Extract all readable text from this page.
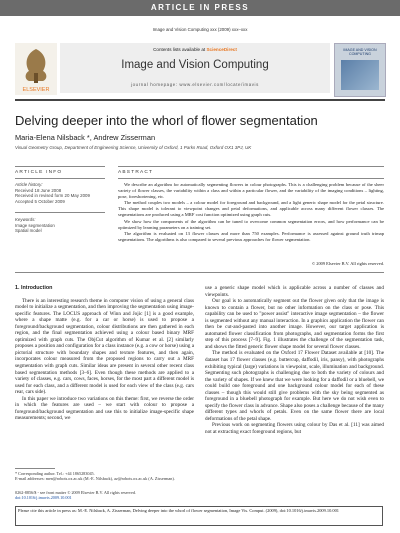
ARTICLE IN PRESS
Image and Vision Computing xxx (2009) xxx–xxx
ELSEVIER
Contents lists available at ScienceDirect
Image and Vision Computing
journal homepage: www.elsevier.com/locate/imavis
IMAGE AND VISION COMPUTING
Delving deeper into the whorl of flower segmentation
Maria-Elena Nilsback *, Andrew Zisserman
Visual Geometry Group, Department of Engineering Science, University of Oxford, 1 Parks Road, Oxford OX1 3PJ, UK
ARTICLE INFO	ABSTRACT
Article history:
Received 18 June 2008
Received in revised form 20 May 2009
Accepted 5 October 2009
Keywords:
Image segmentation
Spatial model

We describe an algorithm for automatically segmenting flowers in colour photographs. This is a challenging problem because of the sheer variety of flower classes, the variability within a class and within a particular flower, and the variability of the imaging conditions – lighting, pose, foreshortening, etc.

The method couples two models – a colour model for foreground and background, and a light generic shape model for the petal structure. This shape model is tolerant to viewpoint changes and petal deformations, and applicable across many different flower classes. The segmentations are produced using a MRF cost function optimized using graph cuts.

We show how the components of the algorithm can be tuned to overcome common segmentation errors, and how performance can be optimized by learning parameters on a training set.

The algorithm is evaluated on 13 flower classes and more than 750 examples. Performance is assessed against ground truth trimap segmentations. The algorithms is also compared to several previous approaches for flower segmentation.

© 2009 Elsevier B.V. All rights reserved.
1. Introduction

There is an interesting research theme in computer vision of using a general class model to initialize a segmentation, and then improving the segmentation using image-specific features. The LOCUS approach of Winn and Jojic [1] is a good example, where a shape matte (e.g. for a car or horse) is used to propose a foreground/background segmentation, colour distributions are then gathered in each region, and the final segmentation achieved using a colour based binary MRF optimized with graph cuts. The ObjCut algorithm of Kumar et al. [2] similarly proposes a position and configuration for a class instance (e.g. a cow or horse) using a pictorial structure with boundary shapes and texture features, and then again, incorporates colour measured from the proposed regions to carry out a MRF segmentation with graph cuts. Similar ideas are present in several other recent class based segmentation methods [3–6]. Even though these methods are applied to a variety of classes, e.g. cars, cows, faces, horses, for the most part a different model is used for each class, and a different model is used for each view of the class (e.g. cars rear, cars side).

In this paper we introduce two variations on this theme: first, we reverse the order in which the features are used – we start with colour to propose a foreground/background segmentation and use this to initialize image-specific shape measurements; second, we

use a generic shape model which is applicable across a number of classes and viewpoints.

Our goal is to automatically segment out the flower given only that the image is known to contain a flower, but no other information on the class or pose. This capability can be used to "power assist" interactive image segmentation – the flower is segmented without any manual interaction. In a graphics application the flower can then be cut-and-pasted into another image. However, our target application is automated flower classification from photographs, and segmentation forms the first step of this process [7–9]. Fig. 1 illustrates the challenge of the segmentation task, and shows the fitted generic flower shape model for several flower classes.

The method is evaluated on the Oxford 17 Flower Dataset available at [10]. The dataset has 17 flower classes (e.g. buttercup, daffodil, iris, pansy), with photographs exhibiting typical (large) variations in viewpoint, scale, illumination and background. Segmenting such photographs is challenging due to both the variety of colours and the variety of shapes. If we knew that we were looking for a daffodil or a bluebell, we could build one foreground and one background colour model for each of these classes – though this would still give problems with the sky being segmented as foreground in a bluebell photograph for example. But here we do not wish even to specify the flower class in advance. Shape also poses a challenge because of the many different types and whorls of petals. Even on the same flower there are local deformations of the petal shape.

Previous work on segmenting flowers using colour by Das et al. [11] was aimed not at extracting exact foreground regions, but

* Corresponding author. Tel.: +44 1865283045.
E-mail addresses: men@robots.ox.ac.uk (M.-E. Nilsback), az@robots.ox.ac.uk (A. Zisserman).
0262-8856/$ - see front matter © 2009 Elsevier B.V. All rights reserved.
doi:10.1016/j.imavis.2009.10.001
Please cite this article in press as: M.-E. Nilsback, A. Zisserman, Delving deeper into the whorl of flower segmentation, Image Vis. Comput. (2009), doi:10.1016/j.imavis.2009.10.001
